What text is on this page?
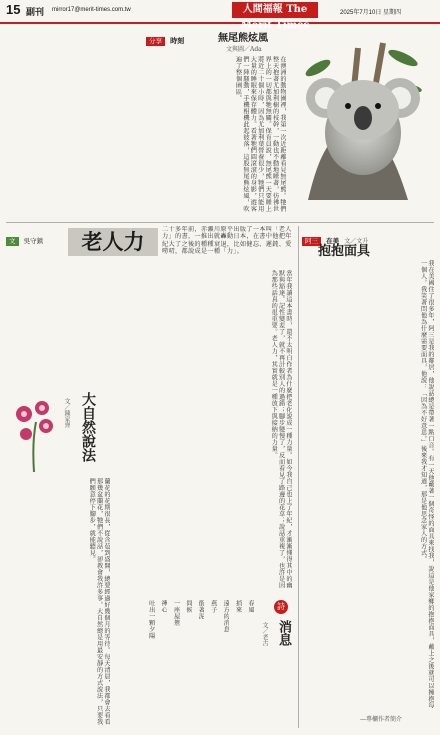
15 副刊 mirror17@merit-times.com.tw	人間福報 The Merit Times
2025年7月10日 星期四
分享 時刻	無尾熊炫風
文與圖／Ada
在澳洲的動物園裡，我第一次近距離看見無尾熊。牠們整天抱著尤加利樹的枝幹，一動也不動地睡著，彷彿世界上的一切都與牠無關。保育員說，無尾熊一天要睡上將近二十個小時，因為尤加利葉營養很少，牠們只能用大量的睡眠來保存體力。看著牠們圓滾滾的身影，遊客們一陣騷動，手機相機此起彼落，這股無尾熊炫風，吹遍了整個園區。
文 吳守鎮	老人力	二十多年前，赤瀨川原平出版了一本叫「老人力」的書，一推出就轟動日本，在書中他把年紀大了之後的種種衰退，比如健忘、遲鈍、愛嘮叨，都說成是一種「力」。
當年我讀這本書時，還不太明白作者為什麼把老化說成一種力量。如今我自己也上了年紀，才漸漸懂得其中的幽默與豁達。記性變差了，就不再計較別人的過錯；腳步變慢了，反而看見了路邊的花草；說話重複了，也許是因為那些話真的很重要。老人力，其實就是一種放下與接納的力量。
阿三 在美 文／文升
抱抱面具
我在美國住了很多年，阿三是我的鄰居，他說話總是帶著一點口音。有一天他戴著一個奇怪的面具來找我，說這是他家鄉的抱抱面具，戴上之後就可以擁抱每一個人。我笑著問他為什麼需要面具，他說：「因為不好意思。」後來我才知道，那是他思念家人的方式。
—專欄作者簡介
大自然說法
文／陳家齊
蘭花的花期很長，從含苞到盛開，總要經過好幾個月的等待。每天清晨，我都會去看看那幾盆蘭花，牠們不說話，卻教會我許多事。大自然總是用最安靜的方式說法，只要我們願意停下腳步，就能聽見。
詩
消息
文／老古
春風
捎來
遠方的消息
燕子
銜著泥
問候
一座屋簷
禪心
吐出一顆夕陽
